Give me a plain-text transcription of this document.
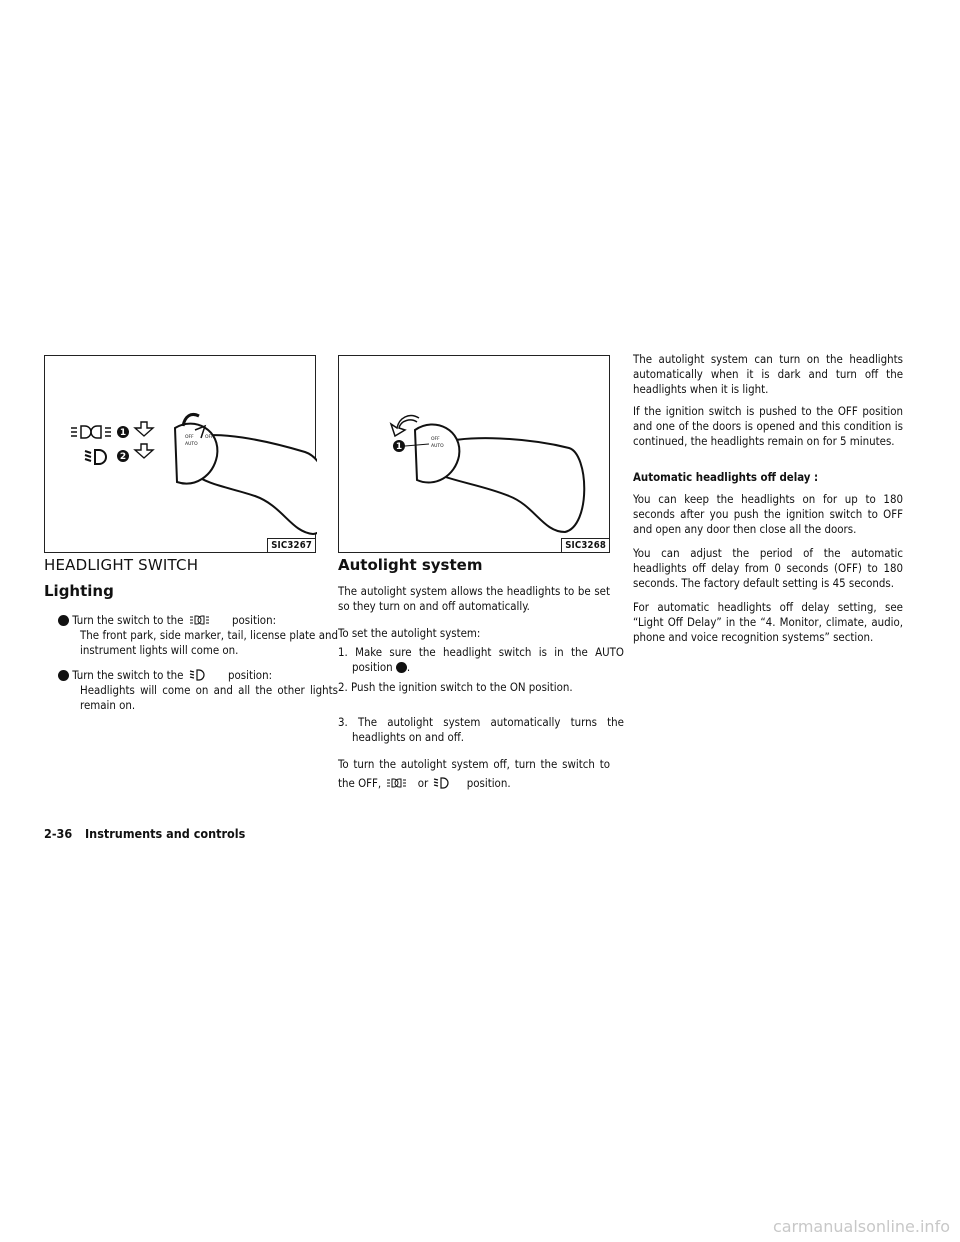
OFF
AUTO
OFF
1
2
SIC3267
OFF
AUTO
1
SIC3268
HEADLIGHT SWITCH
Lighting
1 Turn the switch to the	position:
The front park, side marker, tail, license plate and instrument lights will come on.
2 Turn the switch to the	position:
Headlights will come on and all the other lights remain on.
Autolight system

The autolight system allows the headlights to be set so they turn on and off automatically.

To set the autolight system:

1. Make sure the headlight switch is in the AUTO position 1 .

2. Push the ignition switch to the ON position.

3. The autolight system automatically turns the headlights on and off.

To turn the autolight system off, turn the switch to the OFF,	or	position.

The autolight system can turn on the headlights automatically when it is dark and turn off the headlights when it is light.

If the ignition switch is pushed to the OFF position and one of the doors is opened and this condition is continued, the headlights remain on for 5 minutes.

Automatic headlights off delay :

You can keep the headlights on for up to 180 seconds after you push the ignition switch to OFF and open any door then close all the doors.

You can adjust the period of the automatic headlights off delay from 0 seconds (OFF) to 180 seconds. The factory default setting is 45 seconds.

For automatic headlights off delay setting, see “Light Off Delay” in the “4. Monitor, climate, audio, phone and voice recognition systems” section.

2-36 Instruments and controls
carmanualsonline.info
